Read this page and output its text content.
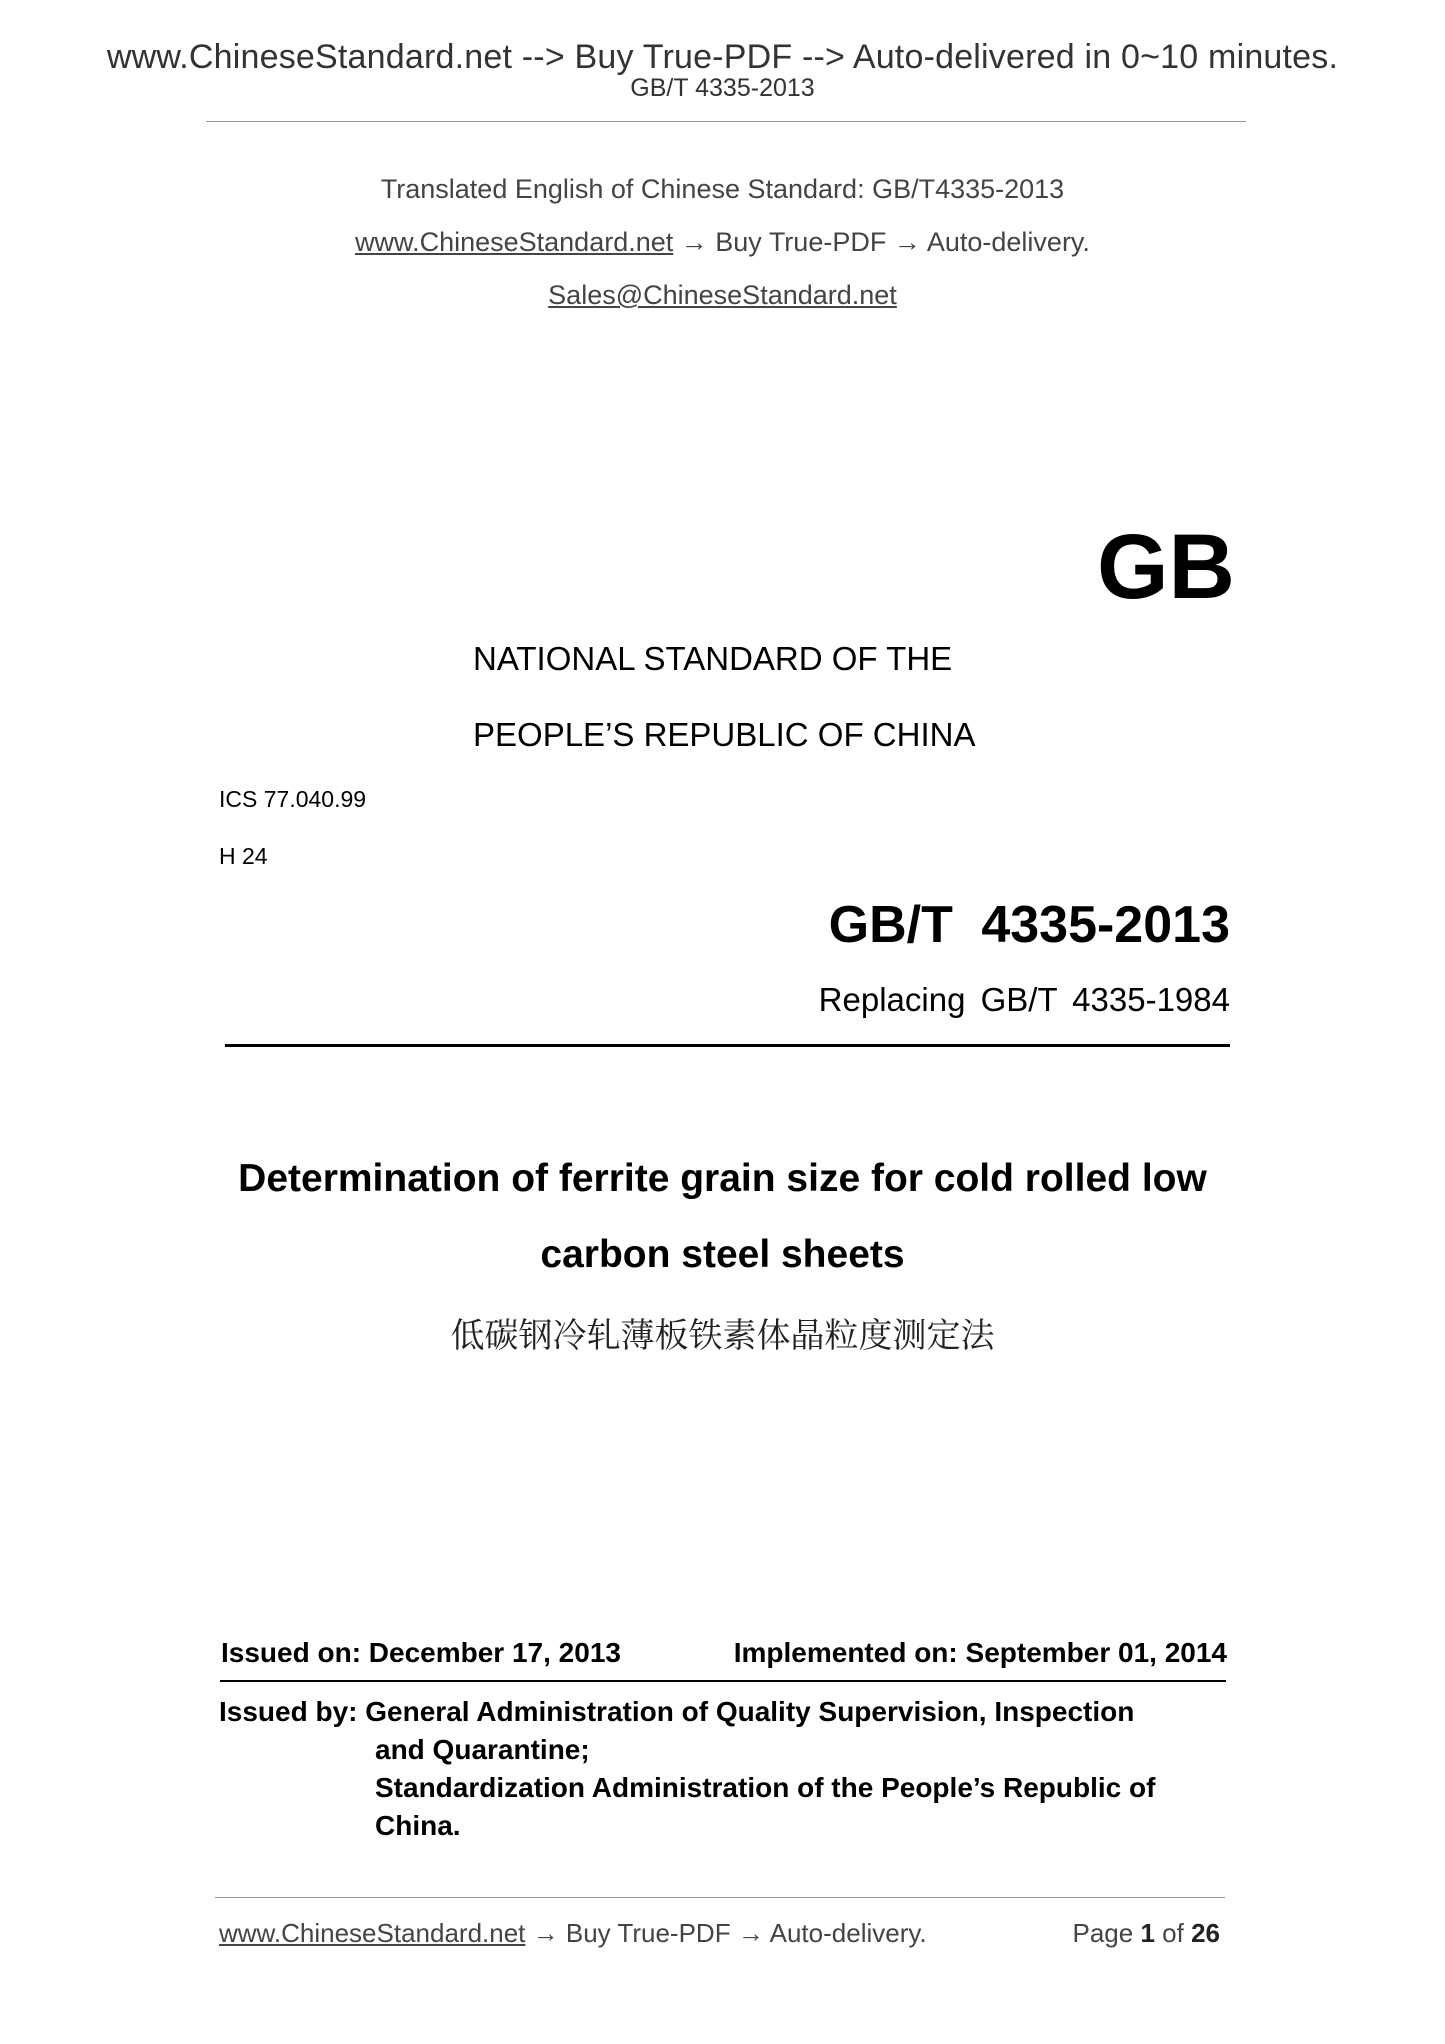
www.ChineseStandard.net --> Buy True-PDF --> Auto-delivered in 0~10 minutes.
GB/T 4335-2013
Translated English of Chinese Standard: GB/T4335-2013
www.ChineseStandard.net → Buy True-PDF → Auto-delivery.
Sales@ChineseStandard.net
GB
NATIONAL STANDARD OF THE
PEOPLE’S REPUBLIC OF CHINA
ICS 77.040.99
H 24
GB/T 4335-2013
Replacing GB/T 4335-1984
Determination of ferrite grain size for cold rolled low
carbon steel sheets
低碳钢冷轧薄板铁素体晶粒度测定法
Issued on: December 17, 2013	Implemented on: September 01, 2014
Issued by: General Administration of Quality Supervision, Inspection
and Quarantine;
Standardization Administration of the People’s Republic of
China.
www.ChineseStandard.net → Buy True-PDF → Auto-delivery.	Page 1 of 26
